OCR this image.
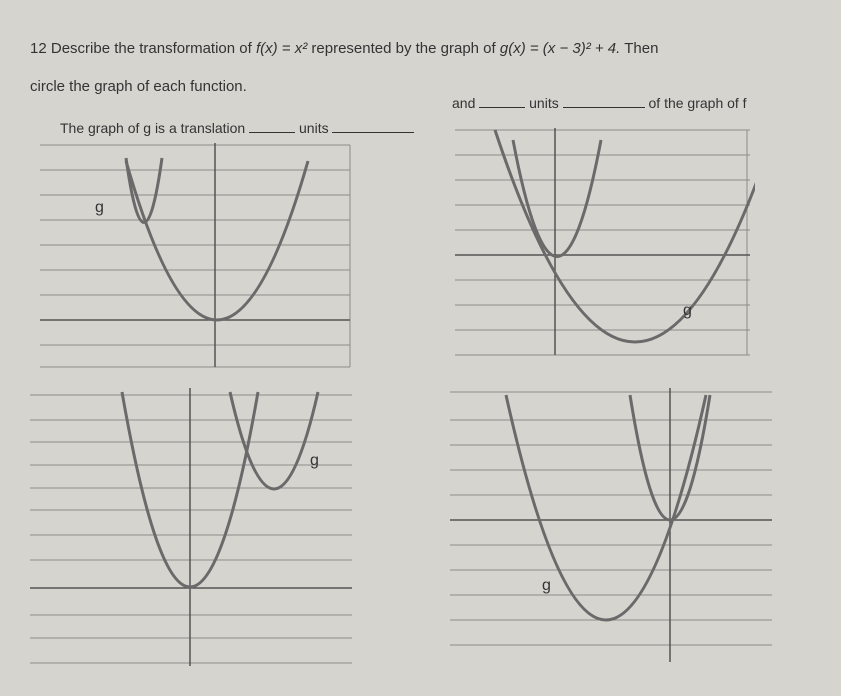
12 Describe the transformation of f(x) = x² represented by the graph of g(x) = (x − 3)² + 4. Then
circle the graph of each function.
The graph of g is a translation	units
and	units	of the graph of f
g
g
g
g
